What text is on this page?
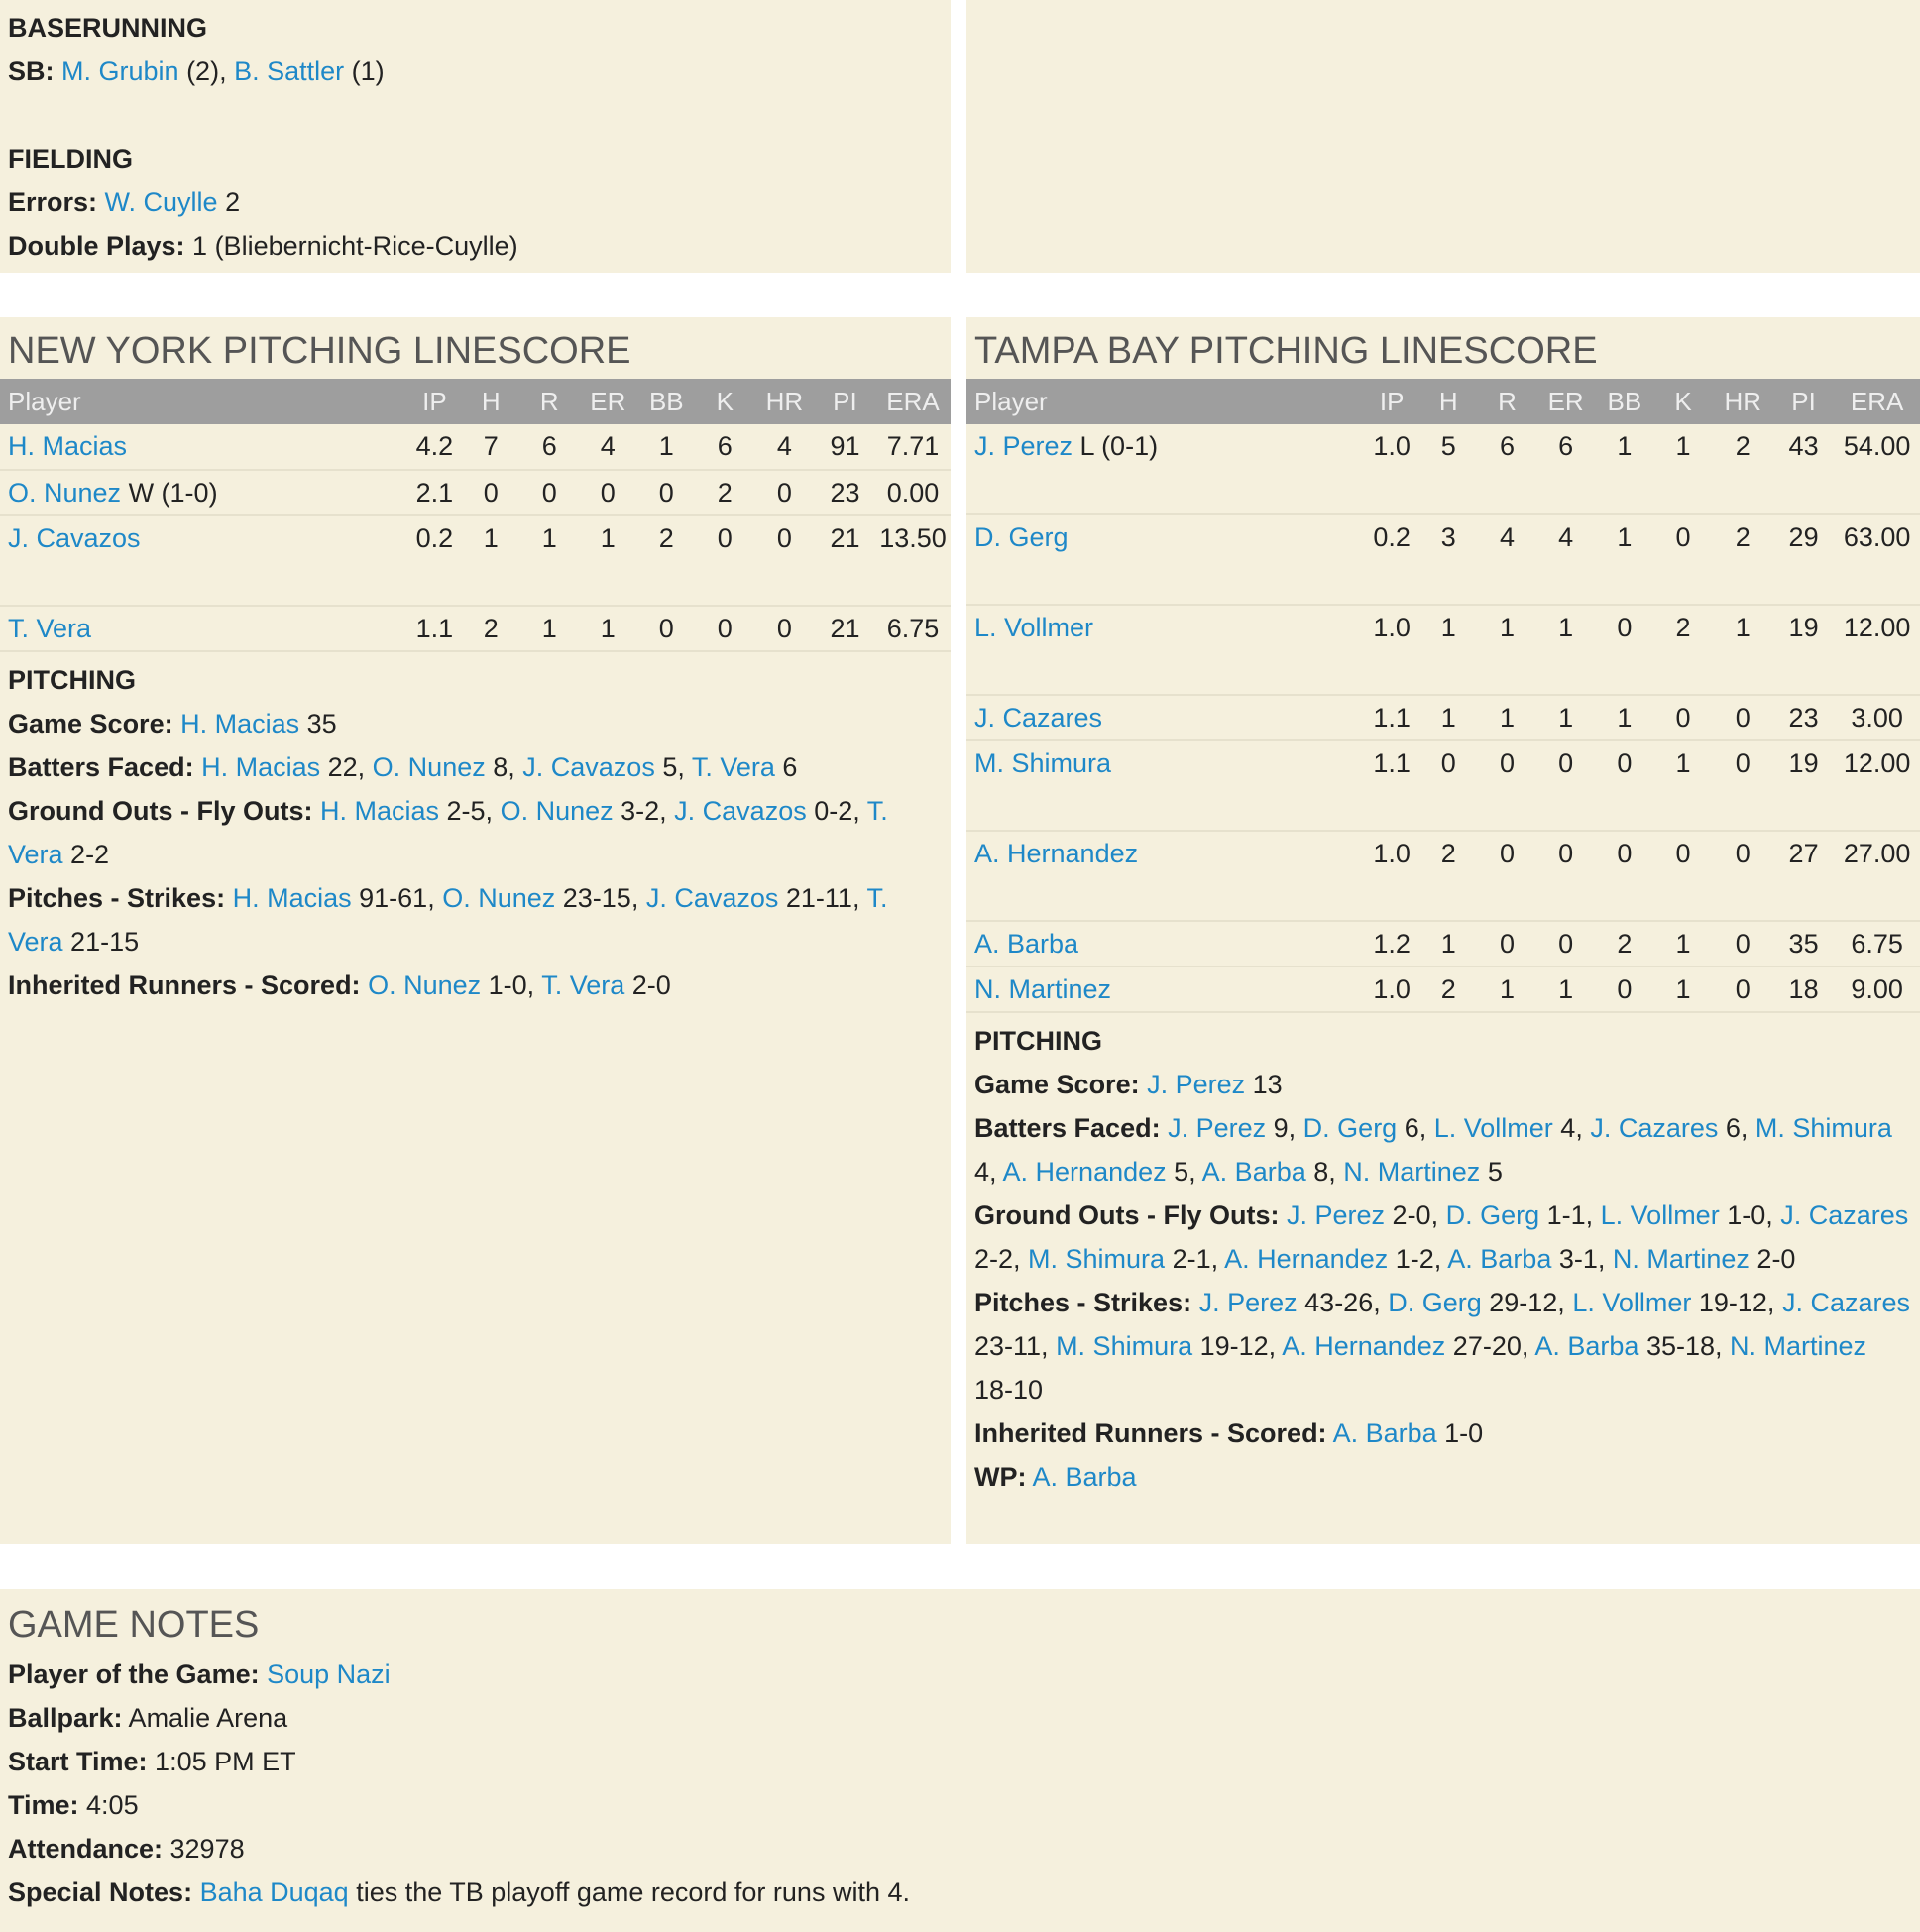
BASERUNNING
SB: M. Grubin (2), B. Sattler (1)
FIELDING
Errors: W. Cuylle 2
Double Plays: 1 (Bliebernicht-Rice-Cuylle)
NEW YORK PITCHING LINESCORE
Player	IP	H	R	ER	BB	K	HR	PI	ERA
H. Macias	4.2	7	6	4	1	6	4	91	7.71
O. Nunez W (1-0)	2.1	0	0	0	0	2	0	23	0.00
J. Cavazos	0.2	1	1	1	2	0	0	21	13.50
T. Vera	1.1	2	1	1	0	0	0	21	6.75
PITCHING
Game Score: H. Macias 35
Batters Faced: H. Macias 22, O. Nunez 8, J. Cavazos 5, T. Vera 6
Ground Outs - Fly Outs: H. Macias 2-5, O. Nunez 3-2, J. Cavazos 0-2, T. Vera 2-2
Pitches - Strikes: H. Macias 91-61, O. Nunez 23-15, J. Cavazos 21-11, T. Vera 21-15
Inherited Runners - Scored: O. Nunez 1-0, T. Vera 2-0
TAMPA BAY PITCHING LINESCORE
Player	IP	H	R	ER	BB	K	HR	PI	ERA
J. Perez L (0-1)	1.0	5	6	6	1	1	2	43	54.00
D. Gerg	0.2	3	4	4	1	0	2	29	63.00
L. Vollmer	1.0	1	1	1	0	2	1	19	12.00
J. Cazares	1.1	1	1	1	1	0	0	23	3.00
M. Shimura	1.1	0	0	0	0	1	0	19	12.00
A. Hernandez	1.0	2	0	0	0	0	0	27	27.00
A. Barba	1.2	1	0	0	2	1	0	35	6.75
N. Martinez	1.0	2	1	1	0	1	0	18	9.00
PITCHING
Game Score: J. Perez 13
Batters Faced: J. Perez 9, D. Gerg 6, L. Vollmer 4, J. Cazares 6, M. Shimura 4, A. Hernandez 5, A. Barba 8, N. Martinez 5
Ground Outs - Fly Outs: J. Perez 2-0, D. Gerg 1-1, L. Vollmer 1-0, J. Cazares 2-2, M. Shimura 2-1, A. Hernandez 1-2, A. Barba 3-1, N. Martinez 2-0
Pitches - Strikes: J. Perez 43-26, D. Gerg 29-12, L. Vollmer 19-12, J. Cazares 23-11, M. Shimura 19-12, A. Hernandez 27-20, A. Barba 35-18, N. Martinez 18-10
Inherited Runners - Scored: A. Barba 1-0
WP: A. Barba
GAME NOTES
Player of the Game: Soup Nazi
Ballpark: Amalie Arena
Start Time: 1:05 PM ET
Time: 4:05
Attendance: 32978
Special Notes: Baha Duqaq ties the TB playoff game record for runs with 4.
